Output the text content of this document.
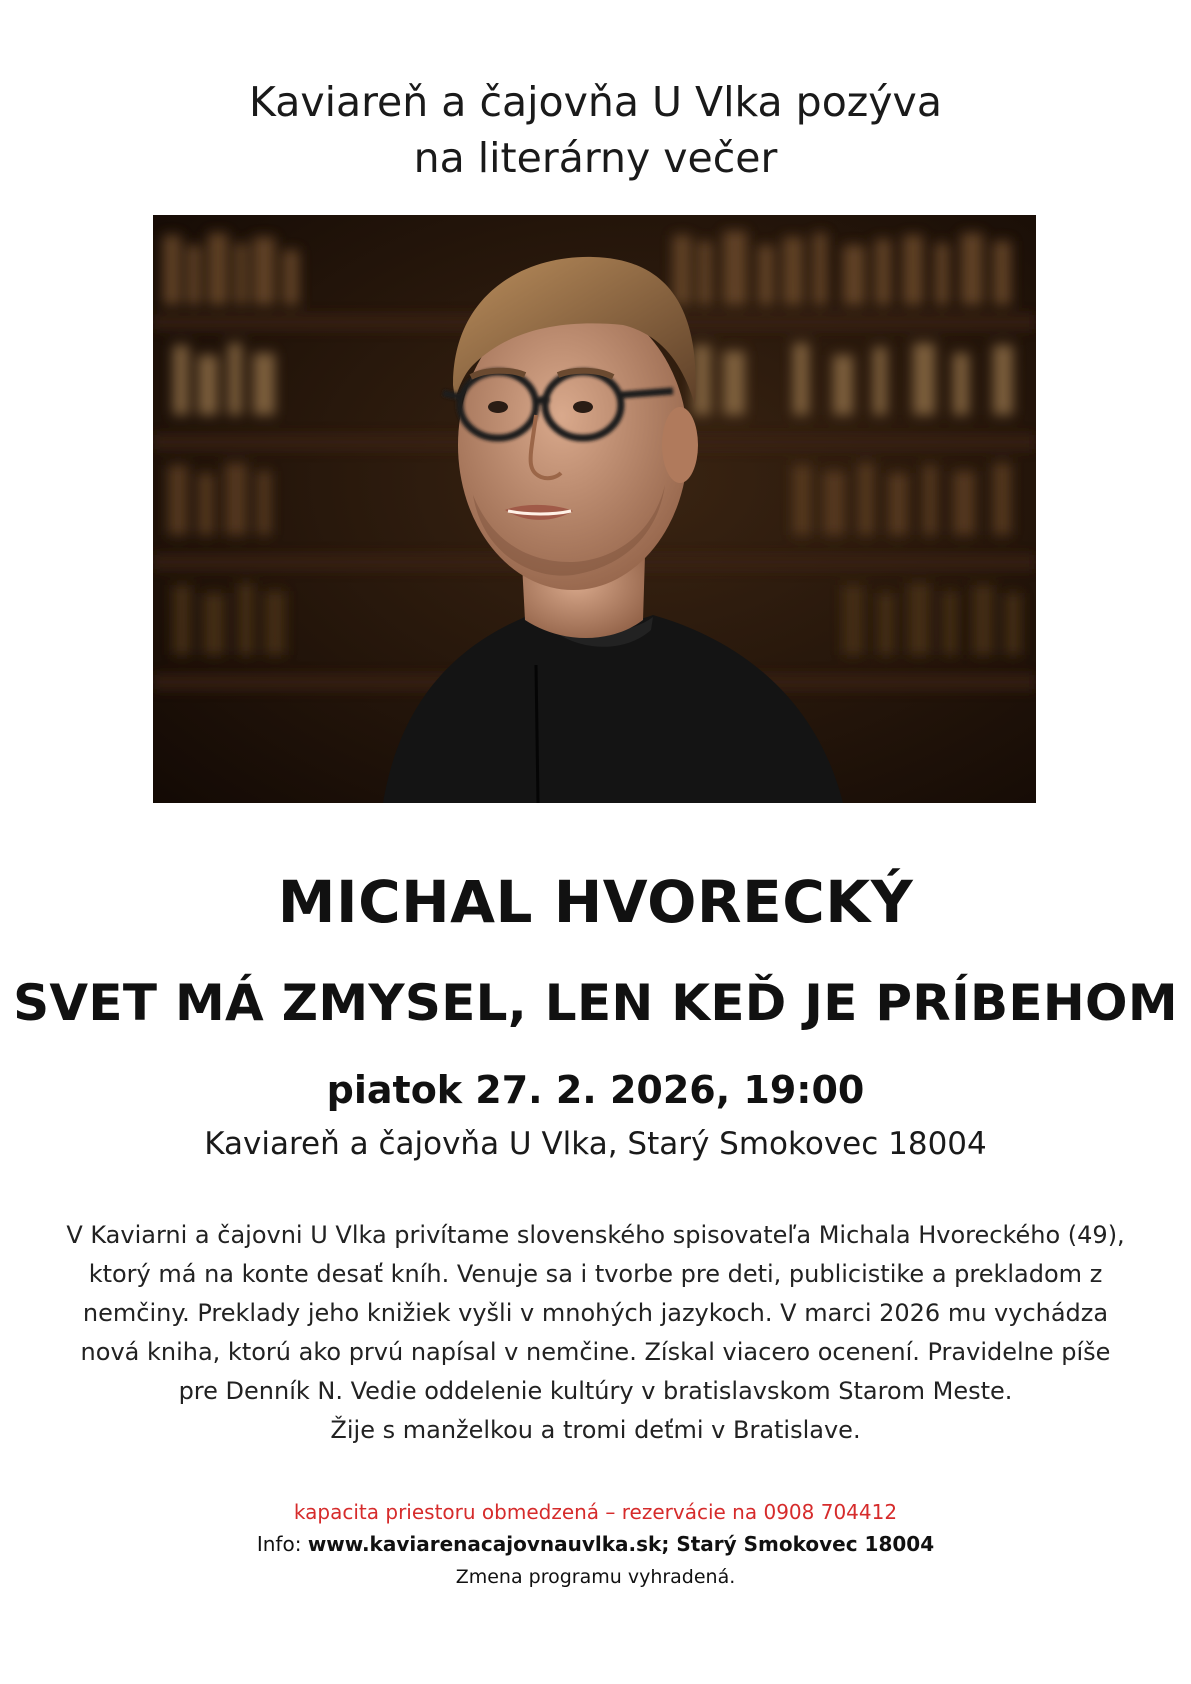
Kaviareň a čajovňa U Vlka pozýva
na literárny večer
MICHAL HVORECKÝ
SVET MÁ ZMYSEL, LEN KEĎ JE PRÍBEHOM
piatok 27. 2. 2026, 19:00
Kaviareň a čajovňa U Vlka, Starý Smokovec 18004
V Kaviarni a čajovni U Vlka privítame slovenského spisovateľa Michala Hvoreckého (49),
ktorý má na konte desať kníh. Venuje sa i tvorbe pre deti, publicistike a prekladom z
nemčiny. Preklady jeho knižiek vyšli v mnohých jazykoch. V marci 2026 mu vychádza
nová kniha, ktorú ako prvú napísal v nemčine. Získal viacero ocenení. Pravidelne píše
pre Denník N. Vedie oddelenie kultúry v bratislavskom Starom Meste.
Žije s manželkou a tromi deťmi v Bratislave.
kapacita priestoru obmedzená – rezervácie na 0908 704412
Info: www.kaviarenacajovnauvlka.sk; Starý Smokovec 18004
Zmena programu vyhradená.
